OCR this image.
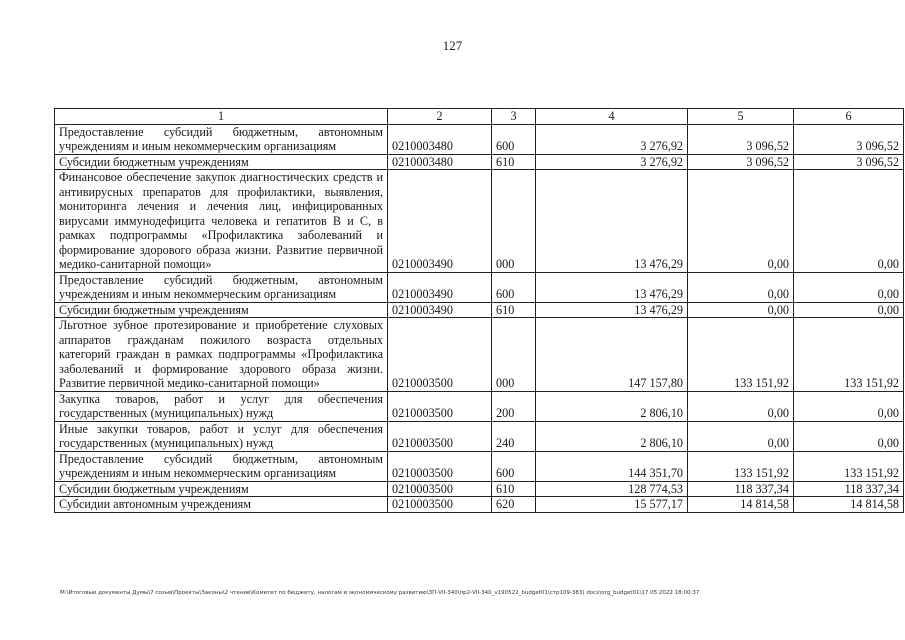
127
1	2	3	4	5	6
Предоставление субсидий бюджетным, автономным учреждениям и иным некоммерческим организациям	0210003480	600	3 276,92	3 096,52	3 096,52
Субсидии бюджетным учреждениям	0210003480	610	3 276,92	3 096,52	3 096,52
Финансовое обеспечение закупок диагностических средств и антивирусных препаратов для профилактики, выявления, мониторинга лечения и лечения лиц, инфицированных вирусами иммунодефицита человека и гепатитов В и С, в рамках подпрограммы «Профилактика заболеваний и формирование здорового образа жизни. Развитие первичной медико-санитарной помощи»	0210003490	000	13 476,29	0,00	0,00
Предоставление субсидий бюджетным, автономным учреждениям и иным некоммерческим организациям	0210003490	600	13 476,29	0,00	0,00
Субсидии бюджетным учреждениям	0210003490	610	13 476,29	0,00	0,00
Льготное зубное протезирование и приобретение слуховых аппаратов гражданам пожилого возраста отдельных категорий граждан в рамках подпрограммы «Профилактика заболеваний и формирование здорового образа жизни. Развитие первичной медико-санитарной помощи»	0210003500	000	147 157,80	133 151,92	133 151,92
Закупка товаров, работ и услуг для обеспечения государственных (муниципальных) нужд	0210003500	200	2 806,10	0,00	0,00
Иные закупки товаров, работ и услуг для обеспечения государственных (муниципальных) нужд	0210003500	240	2 806,10	0,00	0,00
Предоставление субсидий бюджетным, автономным учреждениям и иным некоммерческим организациям	0210003500	600	144 351,70	133 151,92	133 151,92
Субсидии бюджетным учреждениям	0210003500	610	128 774,53	118 337,34	118 337,34
Субсидии автономным учреждениям	0210003500	620	15 577,17	14 814,58	14 814,58
M:\Итоговые документы Думы\7 созыв\Проекты\Законы\2 чтение\Комитет по бюджету, налогам и экономическому развитию\ЗП-VII-340\пр2-VII-340_v190522_budget01\стр109-383) docx\org_budget01\17.05.2022 18:00:37
